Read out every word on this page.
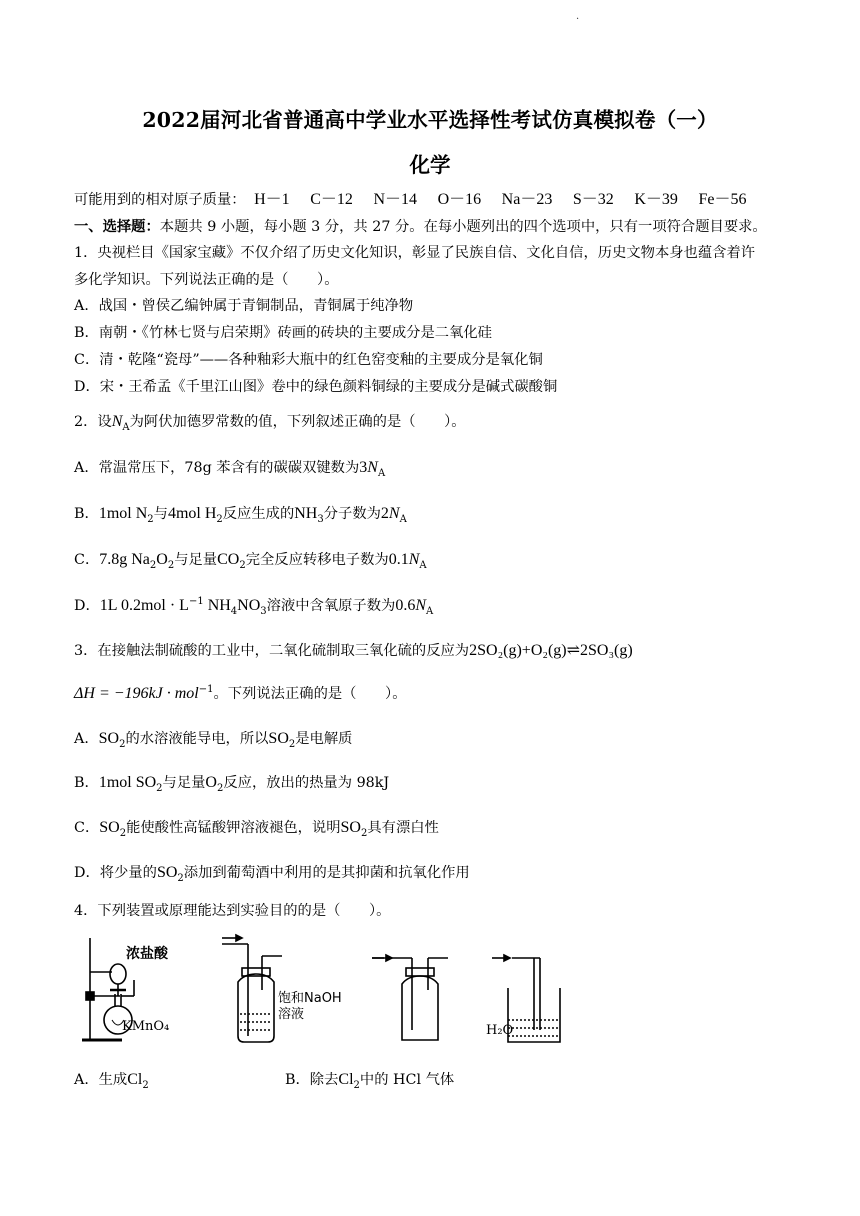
·
2022届河北省普通高中学业水平选择性考试仿真模拟卷（一）
化学
可能用到的相对原子质量： H－1 C－12 N－14 O－16 Na－23 S－32 K－39 Fe－56
一、选择题：本题共 9 小题，每小题 3 分，共 27 分。在每小题列出的四个选项中，只有一项符合题目要求。
1．央视栏目《国家宝藏》不仅介绍了历史文化知识，彰显了民族自信、文化自信，历史文物本身也蕴含着许
多化学知识。下列说法正确的是（　　）。
A．战国・曾侯乙编钟属于青铜制品，青铜属于纯净物
B．南朝・《竹林七贤与启荣期》砖画的砖块的主要成分是二氧化硅
C．清・乾隆“瓷母”——各种釉彩大瓶中的红色窑变釉的主要成分是氧化铜
D．宋・王希孟《千里江山图》卷中的绿色颜料铜绿的主要成分是碱式碳酸铜
2．设$N_A$为阿伏加德罗常数的值，下列叙述正确的是（　　）。
A．常温常压下，78g 苯含有的碳碳双键数为$3N_A$
B．1mol $N_2$与4mol $H_2$反应生成的$NH_3$分子数为$2N_A$
C．7.8g $Na_2O_2$与足量$CO_2$完全反应转移电子数为$0.1N_A$
D．1L $0.2mol \cdot L^{-1}$ $NH_4NO_3$溶液中含氧原子数为$0.6N_A$
3．在接触法制硫酸的工业中，二氧化硫制取三氧化硫的反应为2SO₂(g)+O₂(g)⇌2SO₃(g)
ΔH = −196kJ · mol$^{-1}$。下列说法正确的是（　　）。
A．$SO_2$的水溶液能导电，所以$SO_2$是电解质
B．1mol $SO_2$与足量$O_2$反应，放出的热量为 98kJ
C．$SO_2$能使酸性高锰酸钾溶液褪色，说明$SO_2$具有漂白性
D．将少量的$SO_2$添加到葡萄酒中利用的是其抑菌和抗氧化作用
4．下列装置或原理能达到实验目的的是（　　）。
浓盐酸
KMnO₄
饱和NaOH
溶液
H₂O
A．生成$Cl_2$	B．除去$Cl_2$中的 HCl 气体
